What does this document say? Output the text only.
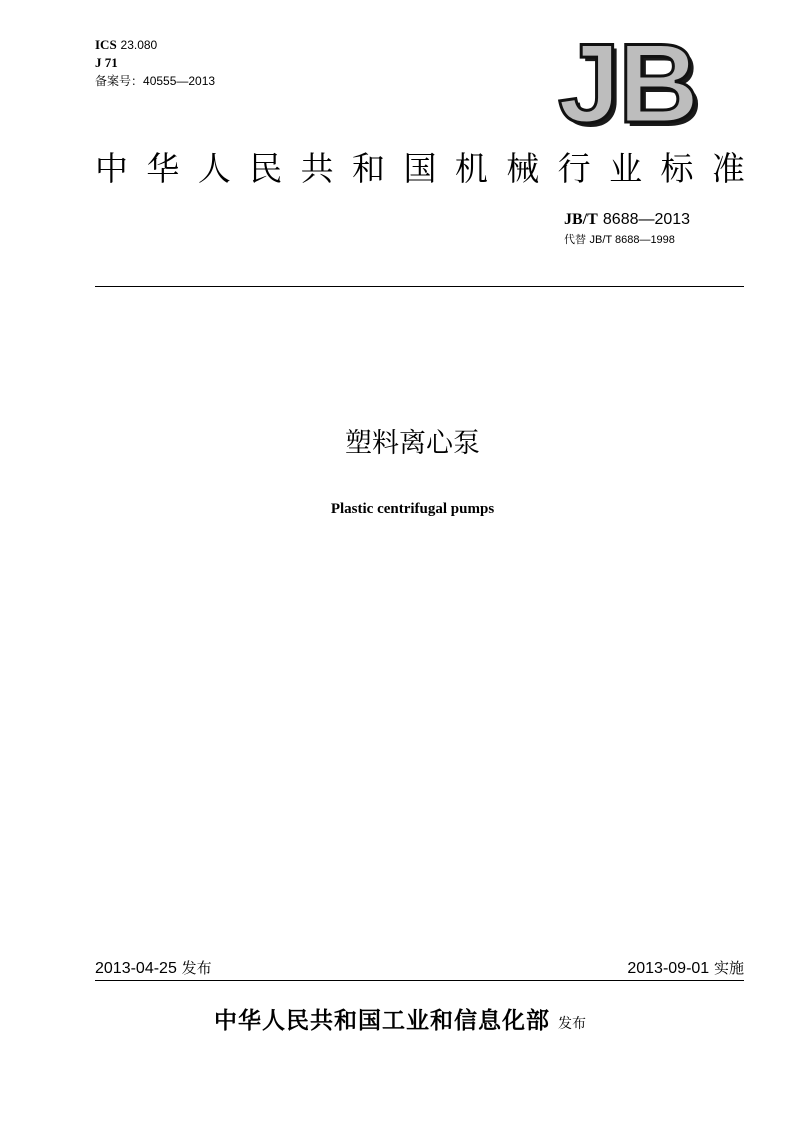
ICS 23.080
J 71
备案号：40555—2013	JB
中 华 人 民 共 和 国 机 械 行 业 标 准
JB/T 8688—2013
代替 JB/T 8688—1998
塑料离心泵
Plastic centrifugal pumps
2013-04-25 发布	2013-09-01 实施
中华人民共和国工业和信息化部 发布
